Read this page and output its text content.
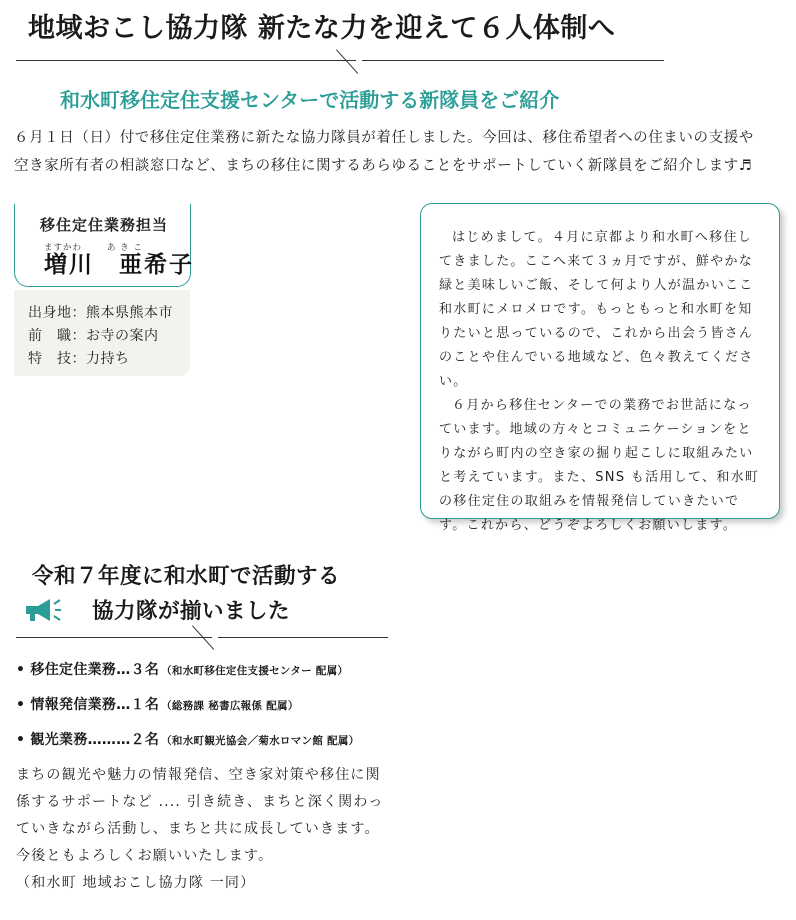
地域おこし協力隊 新たな力を迎えて６人体制へ
和水町移住定住支援センターで活動する新隊員をご紹介
６月１日（日）付で移住定住業務に新たな協力隊員が着任しました。今回は、移住希望者への住まいの支援や
空き家所有者の相談窓口など、まちの移住に関するあらゆることをサポートしていく新隊員をご紹介します♬
移住定住業務担当
ますかわ	あ き こ
増川　亜希子
出身地：熊本県熊本市
前　職：お寺の案内
特　技：力持ち

はじめまして。４月に京都より和水町へ移住してきました。ここへ来て３ヵ月ですが、鮮やかな緑と美味しいご飯、そして何より人が温かいここ和水町にメロメロです。もっともっと和水町を知りたいと思っているので、これから出会う皆さんのことや住んでいる地域など、色々教えてください。

６月から移住センターでの業務でお世話になっています。地域の方々とコミュニケーションをとりながら町内の空き家の掘り起こしに取組みたいと考えています。また、SNS も活用して、和水町の移住定住の取組みを情報発信していきたいです。これから、どうぞよろしくお願いします。

令和７年度に和水町で活動する
協力隊が揃いました
• 移住定住業務…３名 （和水町移住定住支援センター 配属）
• 情報発信業務…１名 （総務課 秘書広報係 配属）
• 観光業務………２名 （和水町観光協会／菊水ロマン館 配属）
まちの観光や魅力の情報発信、空き家対策や移住に関
係するサポートなど .... 引き続き、まちと深く関わっ
ていきながら活動し、まちと共に成長していきます。
今後ともよろしくお願いいたします。
（和水町 地域おこし協力隊 一同）
